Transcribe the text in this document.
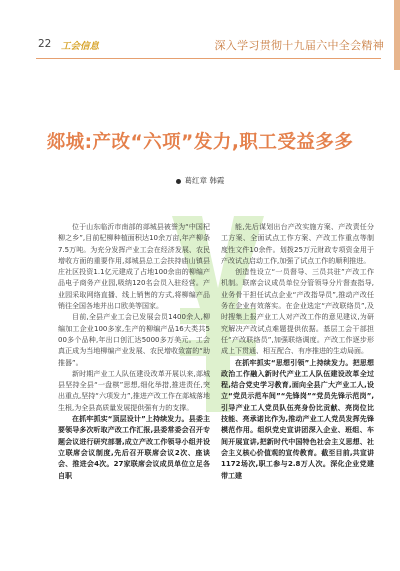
22 工会信息	深入学习贯彻十九届六中全会精神
郯城:产改“六项”发力,职工受益多多
葛红章 韩霞

位于山东临沂市南部的郯城县被誉为“中国杞柳之乡”,目前杞柳种植面积达10余万亩,年产柳条7.5万吨。为充分发挥产业工会在经济发展、农民增收方面的重要作用,郯城县总工会扶持庙山镇县庄社区投资1.1亿元建成了占地100余亩的柳编产品电子商务产业园,吸纳120名会员入驻经营。产业园采取网络直播、线上销售的方式,将柳编产品销往全国各地并出口欧美等国家。

目前,全县产业工会已发展会员1400余人,柳编加工企业100多家,生产的柳编产品16大类共500多个品种,年出口创汇达5000多万美元。工会真正成为当地柳编产业发展、农民增收致富的“助推器”。

新时期产业工人队伍建设改革开展以来,郯城县坚持全县“一盘棋”思想,细化举措,推进责任,突出重点,坚持“六项发力”,推进产改工作在郯城落地生根,为全县高质量发展提供强有力的支撑。

在抓牢抓实“顶层设计”上持续发力。县委主要领导多次听取产改工作汇报,县委常委会召开专题会议进行研究部署,成立产改工作领导小组并设立联席会议制度,先后召开联席会议2次、座谈会、推进会4次。27家联席会议成员单位立足各自职

能,先后谋划出台产改实施方案、产改责任分工方案、全面试点工作方案、产改工作重点等制度性文件10余件。划拨25万元财政专项资金用于产改试点启动工作,加强了试点工作的顺利推进。

创造性设立“一员督导、三员共驻”产改工作机制。联席会议成员单位分管领导分片督查指导,业务骨干担任试点企业“产改指导员”,推动产改任务在企业有效落实。在企业选定“产改联络员”,及时搜集上报产业工人对产改工作的意见建议,为研究解决产改试点难题提供依据。基层工会干部担任“产改联络员”,加强联络调度。产改工作逐步形成上下贯通、相互配合、有序推进的生动局面。

在抓牢抓实“思想引领”上持续发力。把思想政治工作融入新时代产业工人队伍建设改革全过程,结合党史学习教育,面向全县广大产业工人,设立“党员示范车间”“先锋岗”“党员先锋示范岗”,引导产业工人党员队伍亮身份比贡献、亮岗位比技能、亮承诺比作为,推动产业工人党员发挥先锋模范作用。组织党史宣讲团深入企业、班组、车间开展宣讲,把新时代中国特色社会主义思想、社会主义核心价值观的宣传教育。截至目前,共宣讲1172场次,职工参与2.8万人次。深化企业党建带工建
